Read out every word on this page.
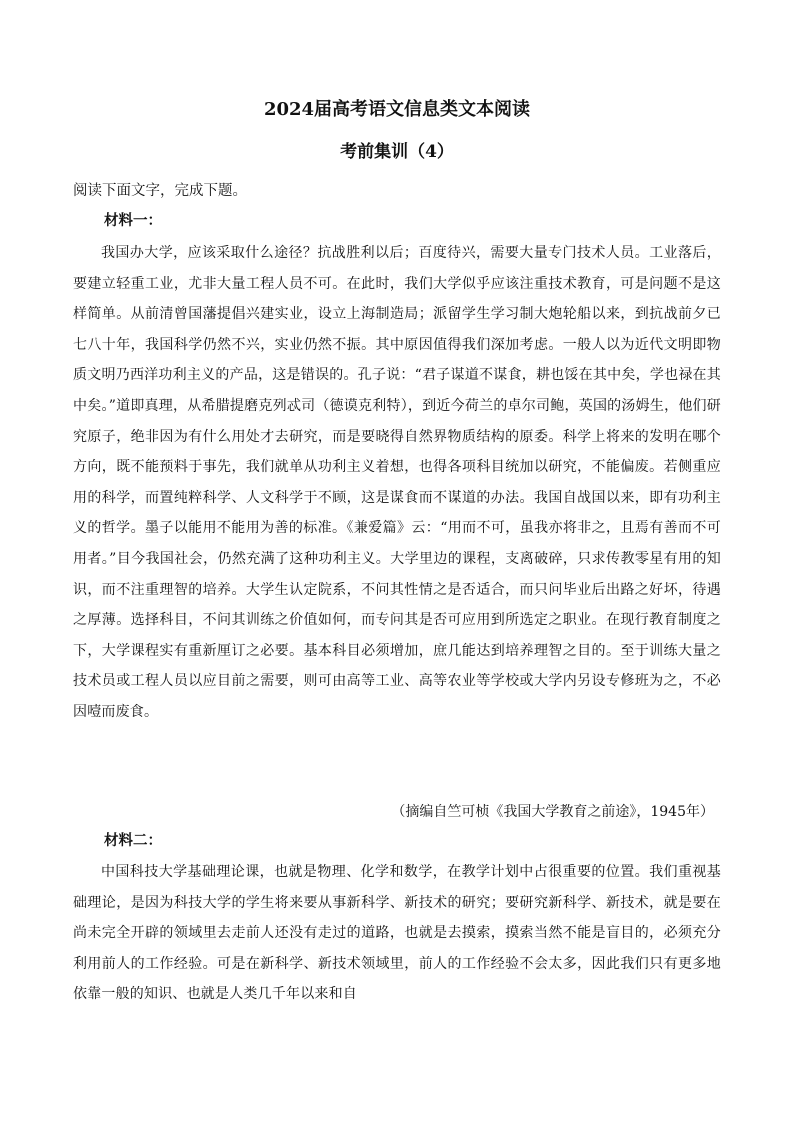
2024届高考语文信息类文本阅读
考前集训（4）
阅读下面文字，完成下题。
材料一：
我国办大学，应该采取什么途径？抗战胜利以后；百度待兴，需要大量专门技术人员。工业落后，要建立轻重工业，尤非大量工程人员不可。在此时，我们大学似乎应该注重技术教育，可是问题不是这样简单。从前清曾国藩提倡兴建实业，设立上海制造局；派留学生学习制大炮轮船以来，到抗战前夕已七八十年，我国科学仍然不兴，实业仍然不振。其中原因值得我们深加考虑。一般人以为近代文明即物质文明乃西洋功利主义的产品，这是错误的。孔子说：“君子谋道不谋食，耕也馁在其中矣，学也禄在其中矣。”道即真理，从希腊提磨克列忒司（德谟克利特），到近今荷兰的卓尔司鲍，英国的汤姆生，他们研究原子，绝非因为有什么用处才去研究，而是要晓得自然界物质结构的原委。科学上将来的发明在哪个方向，既不能预料于事先，我们就单从功利主义着想，也得各项科目统加以研究，不能偏废。若侧重应用的科学，而置纯粹科学、人文科学于不顾，这是谋食而不谋道的办法。我国自战国以来，即有功利主义的哲学。墨子以能用不能用为善的标准。《兼爱篇》云：“用而不可，虽我亦将非之，且焉有善而不可用者。”目今我国社会，仍然充满了这种功利主义。大学里边的课程，支离破碎，只求传教零星有用的知识，而不注重理智的培养。大学生认定院系，不问其性情之是否适合，而只问毕业后出路之好坏，待遇之厚薄。选择科目，不问其训练之价值如何，而专问其是否可应用到所选定之职业。在现行教育制度之下，大学课程实有重新厘订之必要。基本科目必须增加，庶几能达到培养理智之目的。至于训练大量之技术员或工程人员以应目前之需要，则可由高等工业、高等农业等学校或大学内另设专修班为之，不必因噎而废食。
（摘编自竺可桢《我国大学教育之前途》，1945年）
材料二：
中国科技大学基础理论课，也就是物理、化学和数学，在教学计划中占很重要的位置。我们重视基础理论，是因为科技大学的学生将来要从事新科学、新技术的研究；要研究新科学、新技术，就是要在尚未完全开辟的领域里去走前人还没有走过的道路，也就是去摸索，摸索当然不能是盲目的，必须充分利用前人的工作经验。可是在新科学、新技术领域里，前人的工作经验不会太多，因此我们只有更多地依靠一般的知识、也就是人类几千年以来和自
